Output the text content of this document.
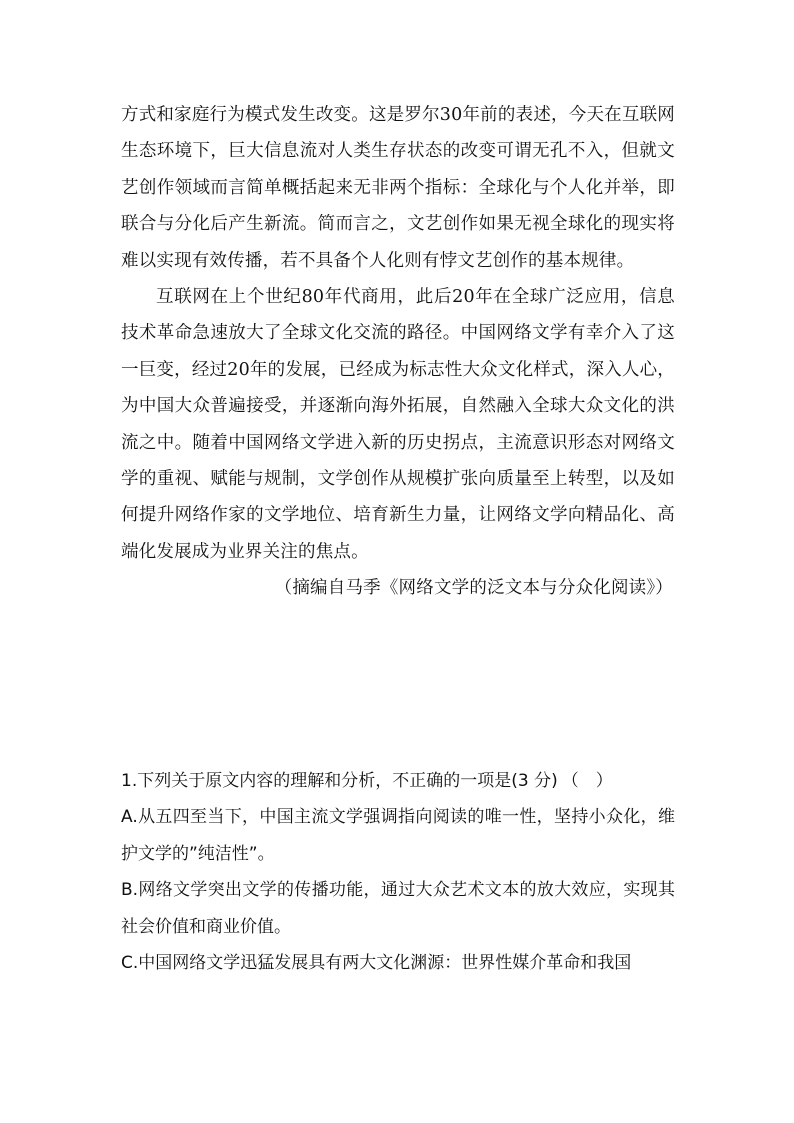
方式和家庭行为模式发生改变。这是罗尔30年前的表述，今天在互联网生态环境下，巨大信息流对人类生存状态的改变可谓无孔不入，但就文艺创作领域而言简单概括起来无非两个指标：全球化与个人化并举，即联合与分化后产生新流。简而言之，文艺创作如果无视全球化的现实将难以实现有效传播，若不具备个人化则有悖文艺创作的基本规律。

互联网在上个世纪80年代商用，此后20年在全球广泛应用，信息技术革命急速放大了全球文化交流的路径。中国网络文学有幸介入了这一巨变，经过20年的发展，已经成为标志性大众文化样式，深入人心，为中国大众普遍接受，并逐渐向海外拓展，自然融入全球大众文化的洪流之中。随着中国网络文学进入新的历史拐点，主流意识形态对网络文学的重视、赋能与规制，文学创作从规模扩张向质量至上转型，以及如何提升网络作家的文学地位、培育新生力量，让网络文学向精品化、高端化发展成为业界关注的焦点。

（摘编自马季《网络文学的泛文本与分众化阅读》）

1.下列关于原文内容的理解和分析，不正确的一项是(3 分) （　）

A.从五四至当下，中国主流文学强调指向阅读的唯一性，坚持小众化，维护文学的”纯洁性”。

B.网络文学突出文学的传播功能，通过大众艺术文本的放大效应，实现其社会价值和商业价值。

C.中国网络文学迅猛发展具有两大文化渊源：世界性媒介革命和我国
